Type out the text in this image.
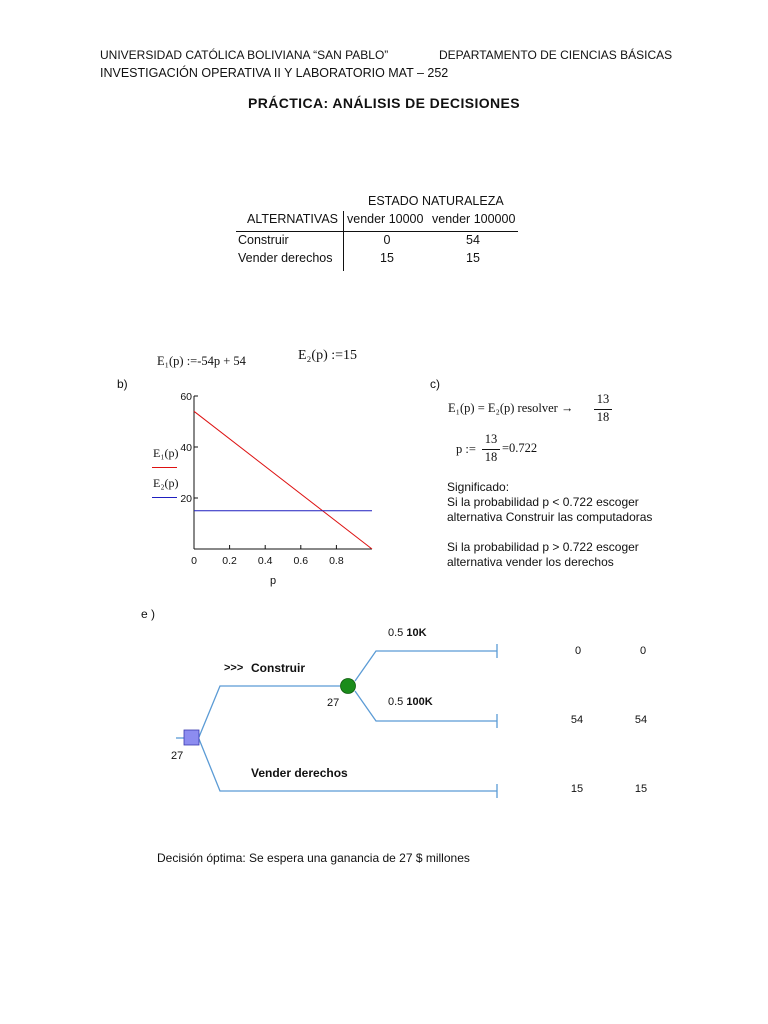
UNIVERSIDAD CATÓLICA BOLIVIANA “SAN PABLO”	DEPARTAMENTO DE CIENCIAS BÁSICAS
INVESTIGACIÓN OPERATIVA II Y LABORATORIO MAT – 252
PRÁCTICA: ANÁLISIS DE DECISIONES
ESTADO NATURALEZA
ALTERNATIVAS vender 10000 vender 100000
Construir	0	54
Vender derechos	15	15
E₁(p) :=-54p + 54	E₂(p) :=15
b)
E₁(p)
E₂(p)
0 0.2 0.4 0.6 0.8
20
40
60
p
c)
E₁(p) = E₂(p) resolver →
13
18
p :=
13
18
=0.722
Significado:
Si la probabilidad p < 0.722 escoger
alternativa Construir las computadoras
Si la probabilidad p > 0.722 escoger
alternativa vender los derechos
e )
0.5 10K
0.5 100K
>>> Construir
Vender derechos
27
27
0	0
54	54
15	15
Decisión óptima: Se espera una ganancia de 27 $ millones
